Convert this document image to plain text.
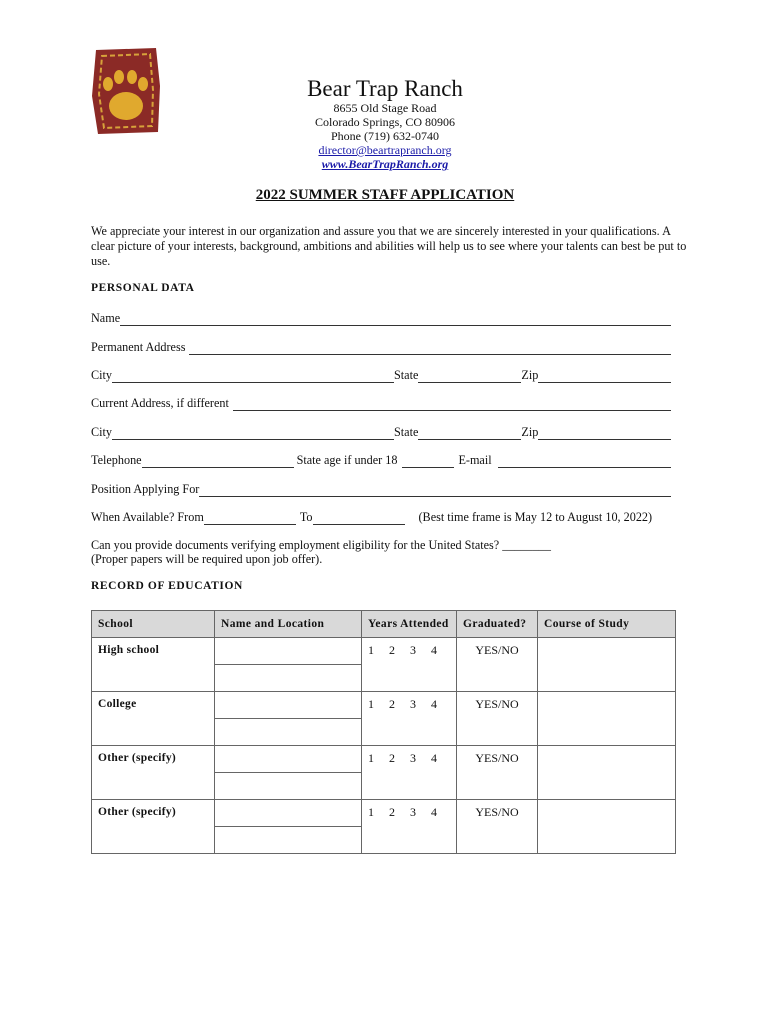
Bear Trap Ranch
8655 Old Stage Road
Colorado Springs, CO 80906
Phone (719) 632-0740
director@beartrapranch.org
www.BearTrapRanch.org
2022 SUMMER STAFF APPLICATION
We appreciate your interest in our organization and assure you that we are sincerely interested in your qualifications. A clear picture of your interests, background, ambitions and abilities will help us to see where your talents can best be put to use.
PERSONAL DATA
Name
Permanent Address
City	State	Zip
Current Address, if different
City	State	Zip
Telephone	State age if under 18	E-mail
Position Applying For
When Available? From	To	(Best time frame is May 12 to August 10, 2022)
Can you provide documents verifying employment eligibility for the United States? ________
(Proper papers will be required upon job offer).
RECORD OF EDUCATION
School	Name and Location	Years Attended	Graduated?	Course of Study
High school		1 2 3 4	YES/NO	

College		1 2 3 4	YES/NO	

Other (specify)		1 2 3 4	YES/NO	

Other (specify)		1 2 3 4	YES/NO	
